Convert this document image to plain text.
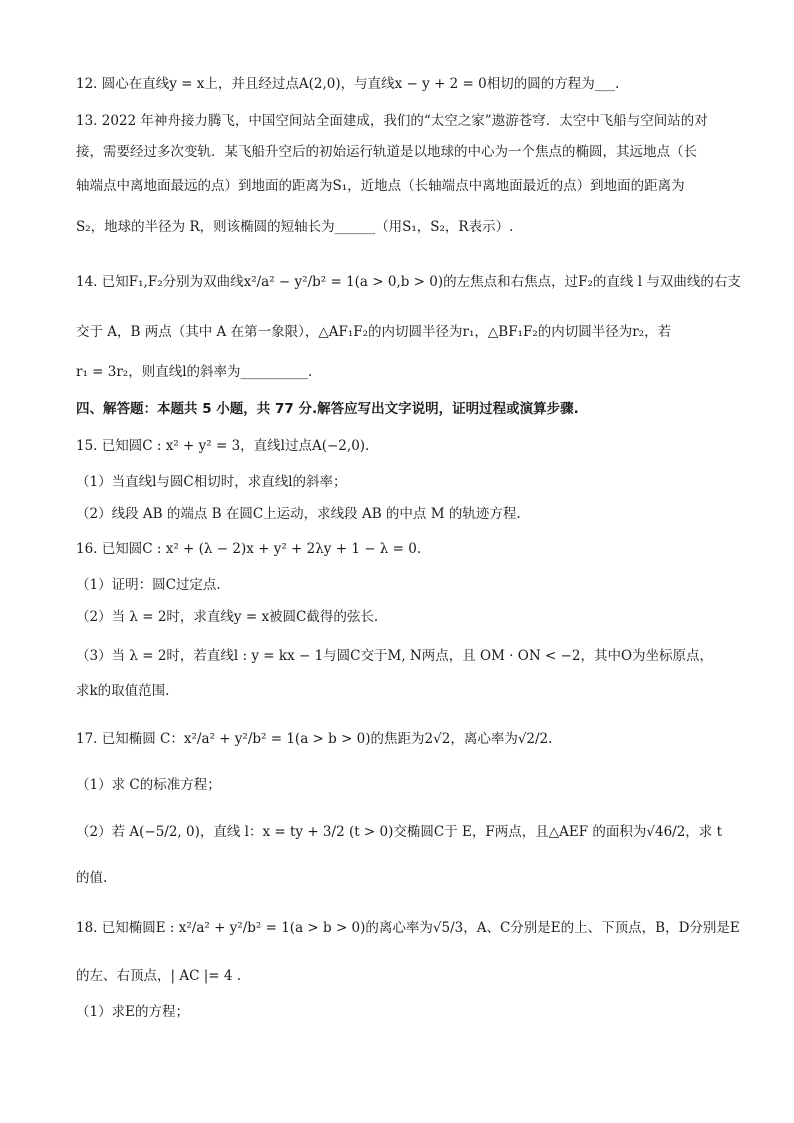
12. 圆心在直线y = x上，并且经过点A(2,0)，与直线x − y + 2 = 0相切的圆的方程为___.
13. 2022 年神舟接力腾飞，中国空间站全面建成，我们的“太空之家”遨游苍穹．太空中飞船与空间站的对
接，需要经过多次变轨．某飞船升空后的初始运行轨道是以地球的中心为一个焦点的椭圆，其远地点（长
轴端点中离地面最远的点）到地面的距离为S₁，近地点（长轴端点中离地面最近的点）到地面的距离为
S₂，地球的半径为 R，则该椭圆的短轴长为______（用S₁，S₂，R表示）.
14. 已知F₁,F₂分别为双曲线x²/a² − y²/b² = 1(a > 0,b > 0)的左焦点和右焦点，过F₂的直线 l 与双曲线的右支
交于 A，B 两点（其中 A 在第一象限），△AF₁F₂的内切圆半径为r₁，△BF₁F₂的内切圆半径为r₂，若
r₁ = 3r₂，则直线l的斜率为__________.
四、解答题：本题共 5 小题，共 77 分.解答应写出文字说明，证明过程或演算步骤.
15. 已知圆C : x² + y² = 3，直线l过点A(−2,0).
（1）当直线l与圆C相切时，求直线l的斜率；
（2）线段 AB 的端点 B 在圆C上运动，求线段 AB 的中点 M 的轨迹方程.
16. 已知圆C : x² + (λ − 2)x + y² + 2λy + 1 − λ = 0.
（1）证明：圆C过定点.
（2）当 λ = 2时，求直线y = x被圆C截得的弦长.
（3）当 λ = 2时，若直线l : y = kx − 1与圆C交于M, N两点，且 OM · ON < −2，其中O为坐标原点，
求k的取值范围.
17. 已知椭圆 C：x²/a² + y²/b² = 1(a > b > 0)的焦距为2√2，离心率为√2/2.
（1）求 C的标准方程；
（2）若 A(−5/2, 0)，直线 l：x = ty + 3/2 (t > 0)交椭圆C于 E，F两点，且△AEF 的面积为√46/2，求 t
的值.
18. 已知椭圆E : x²/a² + y²/b² = 1(a > b > 0)的离心率为√5/3，A、C分别是E的上、下顶点，B，D分别是E
的左、右顶点，| AC |= 4 .
（1）求E的方程；
